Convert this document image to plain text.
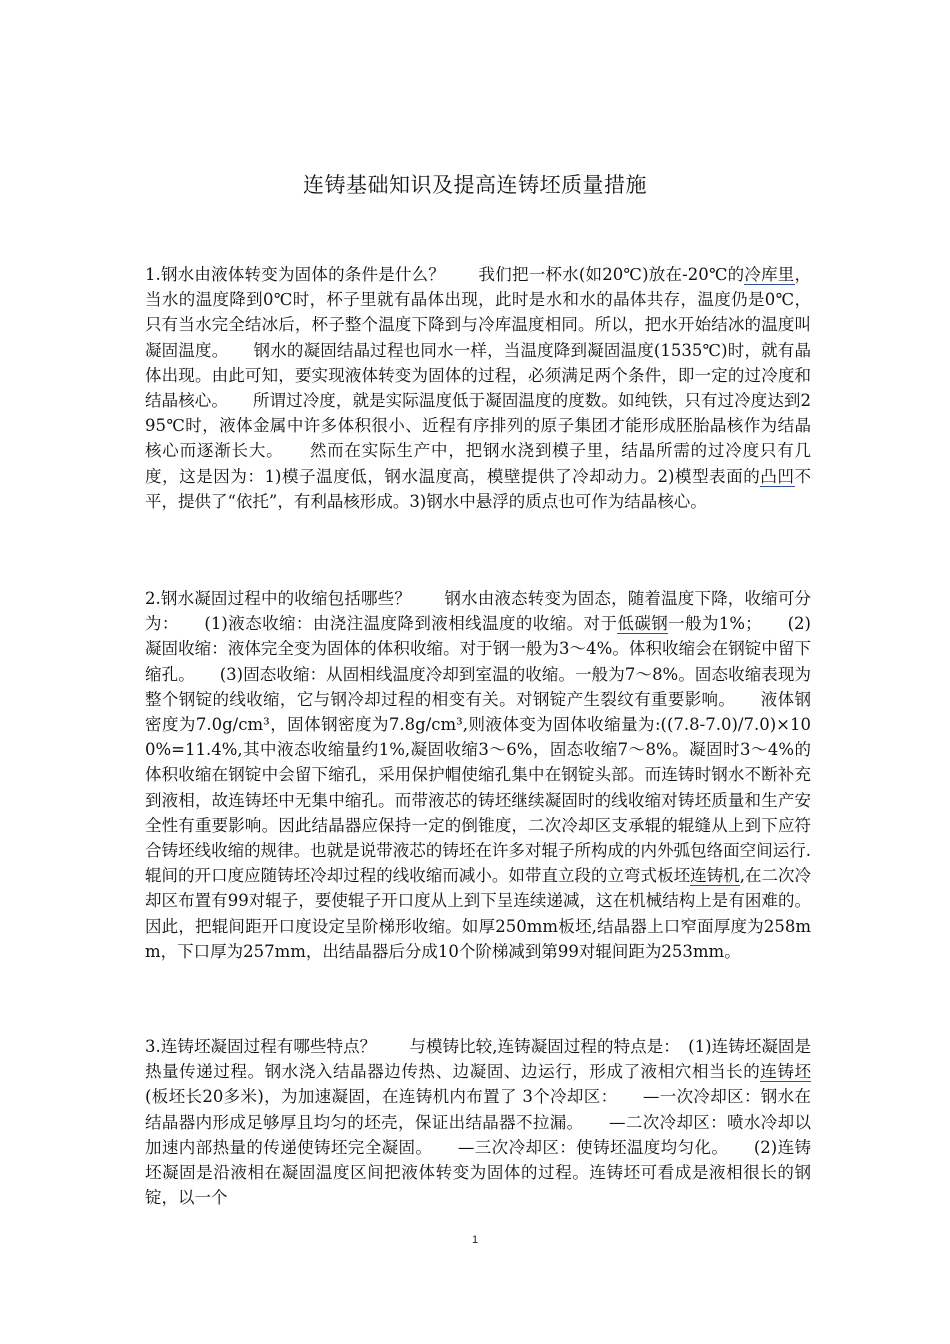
连铸基础知识及提高连铸坯质量措施

1.钢水由液体转变为固体的条件是什么？　　我们把一杯水(如20℃)放在-20℃的冷库里，当水的温度降到0℃时，杯子里就有晶体出现，此时是水和水的晶体共存，温度仍是0℃，只有当水完全结冰后，杯子整个温度下降到与冷库温度相同。所以，把水开始结冰的温度叫凝固温度。　　钢水的凝固结晶过程也同水一样，当温度降到凝固温度(1535℃)时，就有晶体出现。由此可知，要实现液体转变为固体的过程，必须满足两个条件，即一定的过冷度和结晶核心。　　所谓过冷度，就是实际温度低于凝固温度的度数。如纯铁，只有过冷度达到295℃时，液体金属中许多体积很小、近程有序排列的原子集团才能形成胚胎晶核作为结晶核心而逐渐长大。　　然而在实际生产中，把钢水浇到模子里，结晶所需的过冷度只有几度，这是因为：1)模子温度低，钢水温度高，模壁提供了冷却动力。2)模型表面的凸凹不平，提供了“依托”，有利晶核形成。3)钢水中悬浮的质点也可作为结晶核心。

2.钢水凝固过程中的收缩包括哪些？　　钢水由液态转变为固态，随着温度下降，收缩可分为：　　(1)液态收缩：由浇注温度降到液相线温度的收缩。对于低碳钢一般为1%；　　(2)凝固收缩：液体完全变为固体的体积收缩。对于钢一般为3～4%。体积收缩会在钢锭中留下缩孔。　　(3)固态收缩：从固相线温度冷却到室温的收缩。一般为7～8%。固态收缩表现为整个钢锭的线收缩，它与钢冷却过程的相变有关。对钢锭产生裂纹有重要影响。　　液体钢密度为7.0g/cm³，固体钢密度为7.8g/cm³,则液体变为固体收缩量为:((7.8-7.0)/7.0)×100%=11.4%,其中液态收缩量约1%,凝固收缩3～6%，固态收缩7～8%。凝固时3～4%的体积收缩在钢锭中会留下缩孔，采用保护帽使缩孔集中在钢锭头部。而连铸时钢水不断补充到液相，故连铸坯中无集中缩孔。而带液芯的铸坯继续凝固时的线收缩对铸坯质量和生产安全性有重要影响。因此结晶器应保持一定的倒锥度，二次冷却区支承辊的辊缝从上到下应符合铸坯线收缩的规律。也就是说带液芯的铸坯在许多对辊子所构成的内外弧包络面空间运行.辊间的开口度应随铸坯冷却过程的线收缩而减小。如带直立段的立弯式板坯连铸机,在二次冷却区布置有99对辊子，要使辊子开口度从上到下呈连续递减，这在机械结构上是有困难的。因此，把辊间距开口度设定呈阶梯形收缩。如厚250mm板坯,结晶器上口窄面厚度为258mm，下口厚为257mm，出结晶器后分成10个阶梯减到第99对辊间距为253mm。

3.连铸坯凝固过程有哪些特点？　　与模铸比较,连铸凝固过程的特点是：　(1)连铸坯凝固是热量传递过程。钢水浇入结晶器边传热、边凝固、边运行，形成了液相穴相当长的连铸坯(板坯长20多米)，为加速凝固，在连铸机内布置了 3个冷却区：　　—一次冷却区：钢水在结晶器内形成足够厚且均匀的坯壳，保证出结晶器不拉漏。　　—二次冷却区：喷水冷却以加速内部热量的传递使铸坯完全凝固。　　—三次冷却区：使铸坯温度均匀化。　　(2)连铸坯凝固是沿液相在凝固温度区间把液体转变为固体的过程。连铸坯可看成是液相很长的钢锭，以一个

1
